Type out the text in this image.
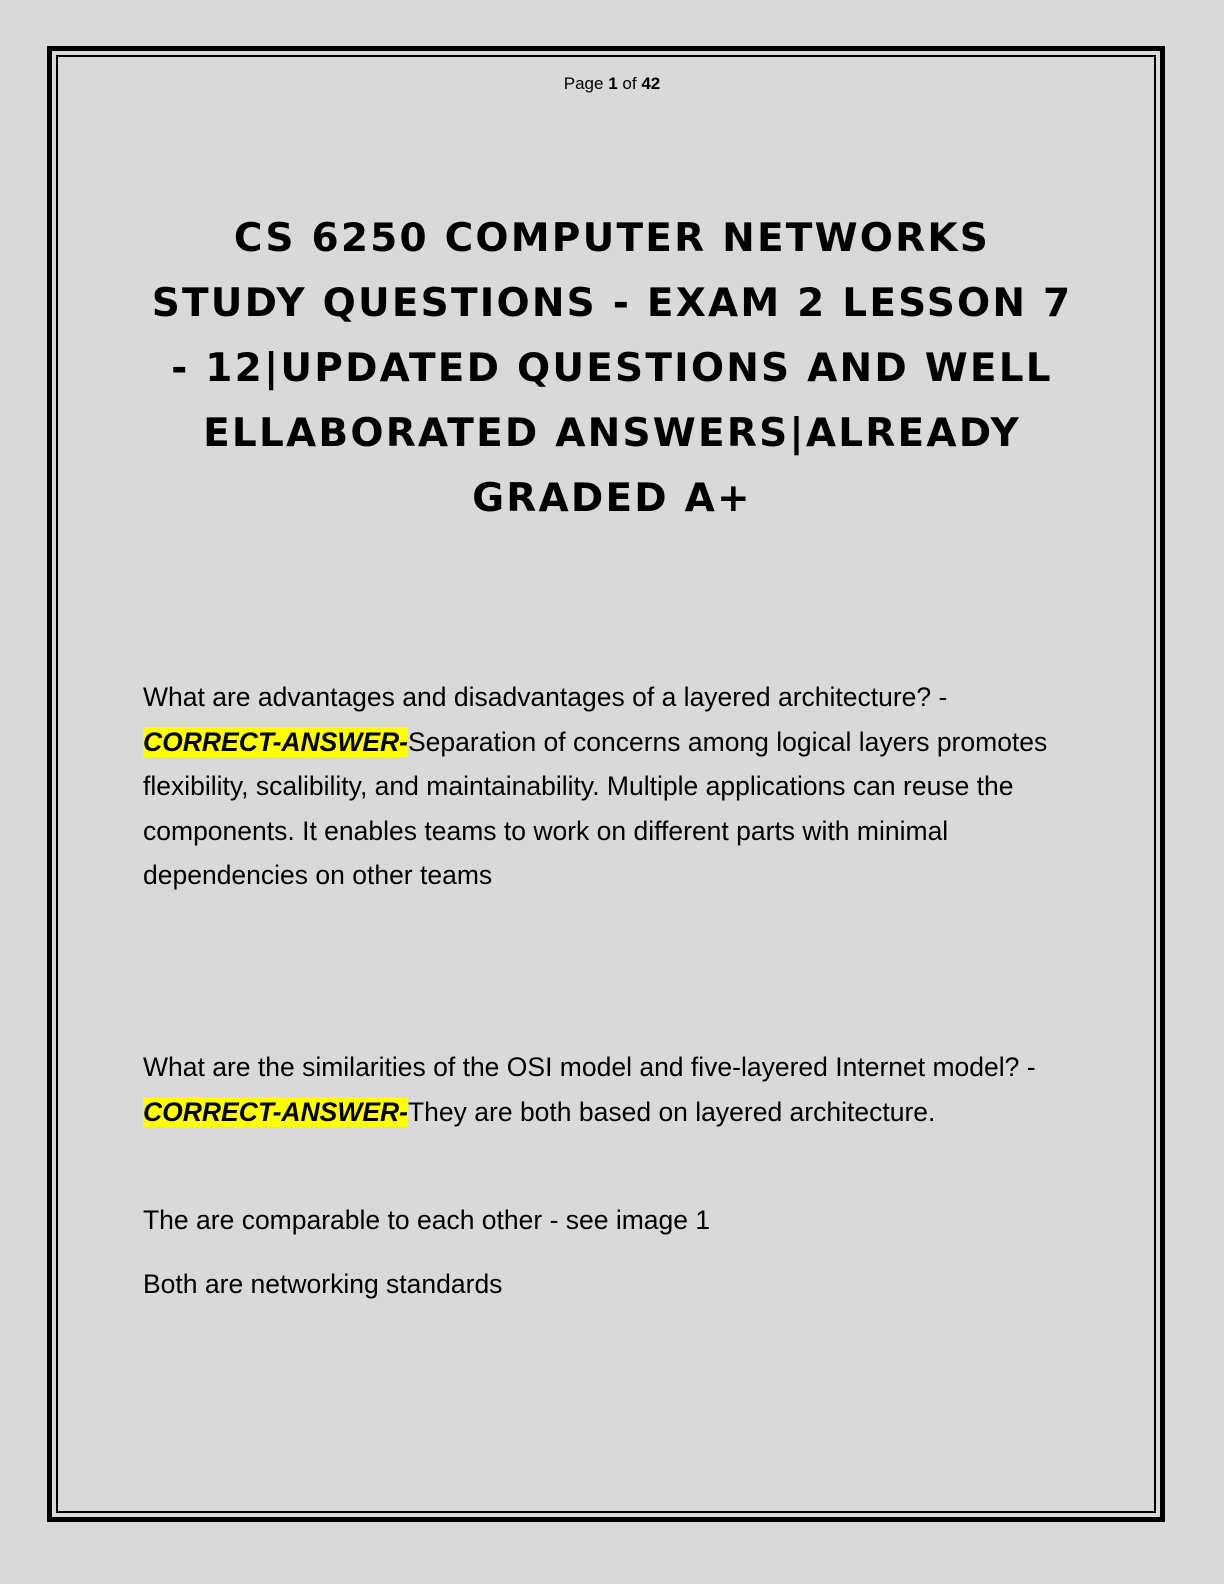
Page 1 of 42
CS 6250 COMPUTER NETWORKS STUDY QUESTIONS - EXAM 2 LESSON 7 - 12|UPDATED QUESTIONS AND WELL ELLABORATED ANSWERS|ALREADY GRADED A+

What are advantages and disadvantages of a layered architecture? - CORRECT-ANSWER-Separation of concerns among logical layers promotes flexibility, scalibility, and maintainability. Multiple applications can reuse the components. It enables teams to work on different parts with minimal dependencies on other teams

What are the similarities of the OSI model and five-layered Internet model? - CORRECT-ANSWER-They are both based on layered architecture.

The are comparable to each other - see image 1

Both are networking standards
